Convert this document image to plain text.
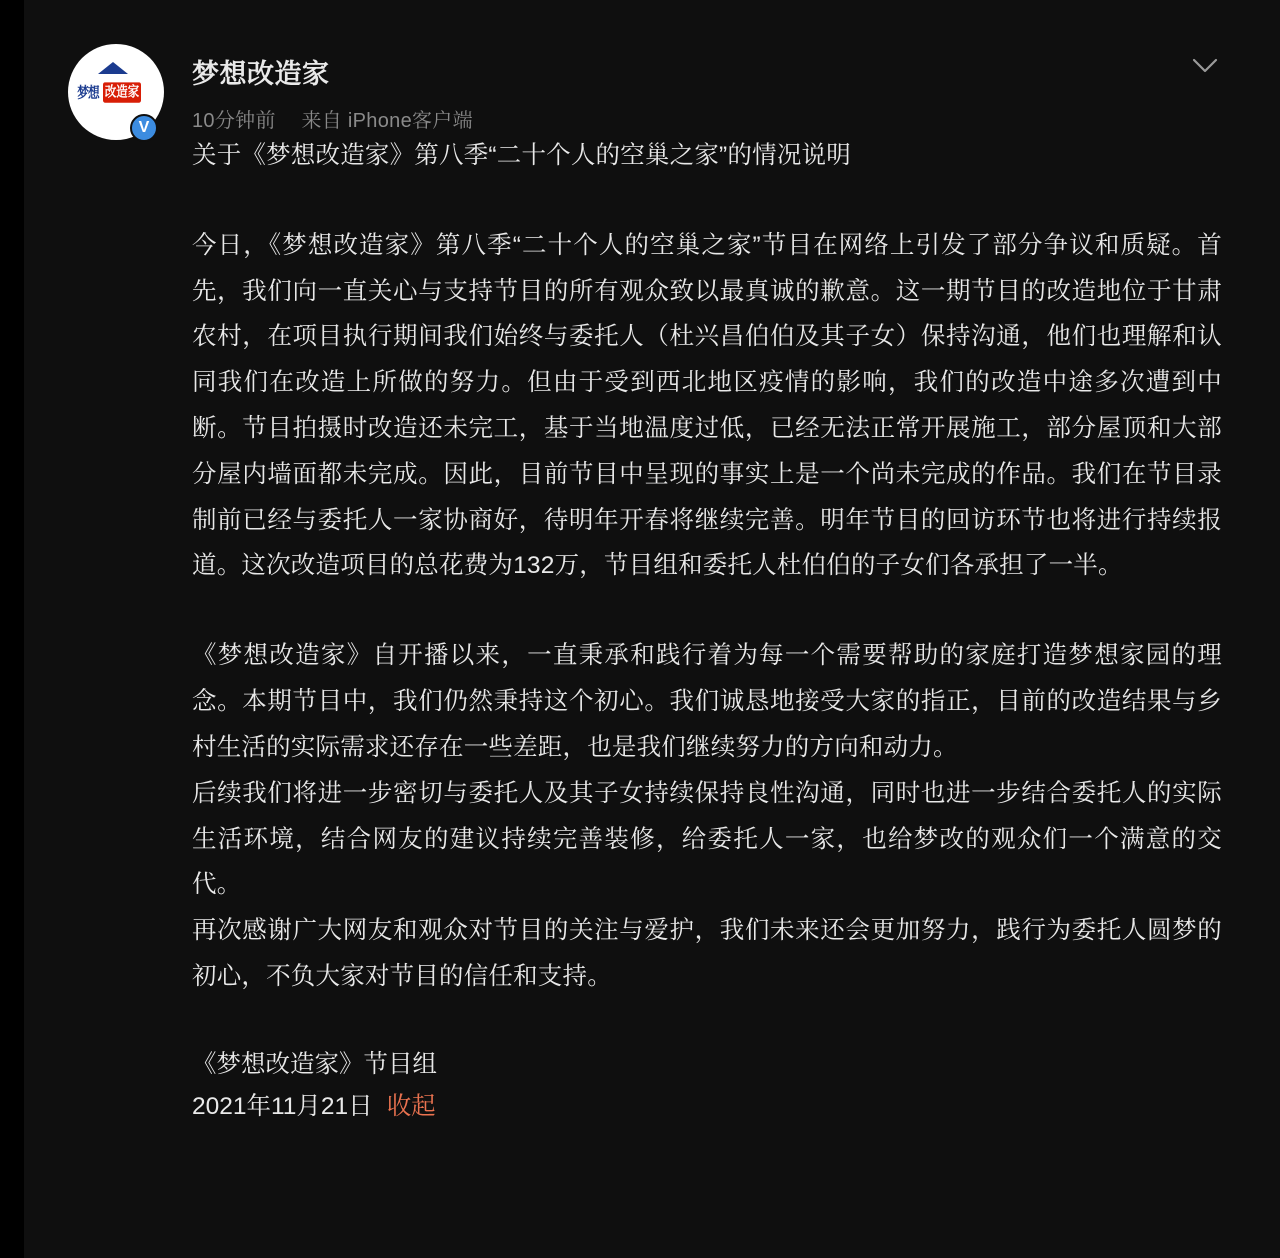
梦想 改造家
V
梦想改造家
10分钟前 来自 iPhone客户端
关于《梦想改造家》第八季“二十个人的空巢之家”的情况说明
今日，《梦想改造家》第八季“二十个人的空巢之家”节目在网络上引发了部分争议和质疑。首先，我们向一直关心与支持节目的所有观众致以最真诚的歉意。这一期节目的改造地位于甘肃农村，在项目执行期间我们始终与委托人（杜兴昌伯伯及其子女）保持沟通，他们也理解和认同我们在改造上所做的努力。但由于受到西北地区疫情的影响，我们的改造中途多次遭到中断。节目拍摄时改造还未完工，基于当地温度过低，已经无法正常开展施工，部分屋顶和大部分屋内墙面都未完成。因此，目前节目中呈现的事实上是一个尚未完成的作品。我们在节目录制前已经与委托人一家协商好，待明年开春将继续完善。明年节目的回访环节也将进行持续报道。这次改造项目的总花费为132万，节目组和委托人杜伯伯的子女们各承担了一半。
《梦想改造家》自开播以来，一直秉承和践行着为每一个需要帮助的家庭打造梦想家园的理念。本期节目中，我们仍然秉持这个初心。我们诚恳地接受大家的指正，目前的改造结果与乡村生活的实际需求还存在一些差距，也是我们继续努力的方向和动力。
后续我们将进一步密切与委托人及其子女持续保持良性沟通，同时也进一步结合委托人的实际生活环境，结合网友的建议持续完善装修，给委托人一家，也给梦改的观众们一个满意的交代。
再次感谢广大网友和观众对节目的关注与爱护，我们未来还会更加努力，践行为委托人圆梦的初心，不负大家对节目的信任和支持。
《梦想改造家》节目组
2021年11月21日 收起
